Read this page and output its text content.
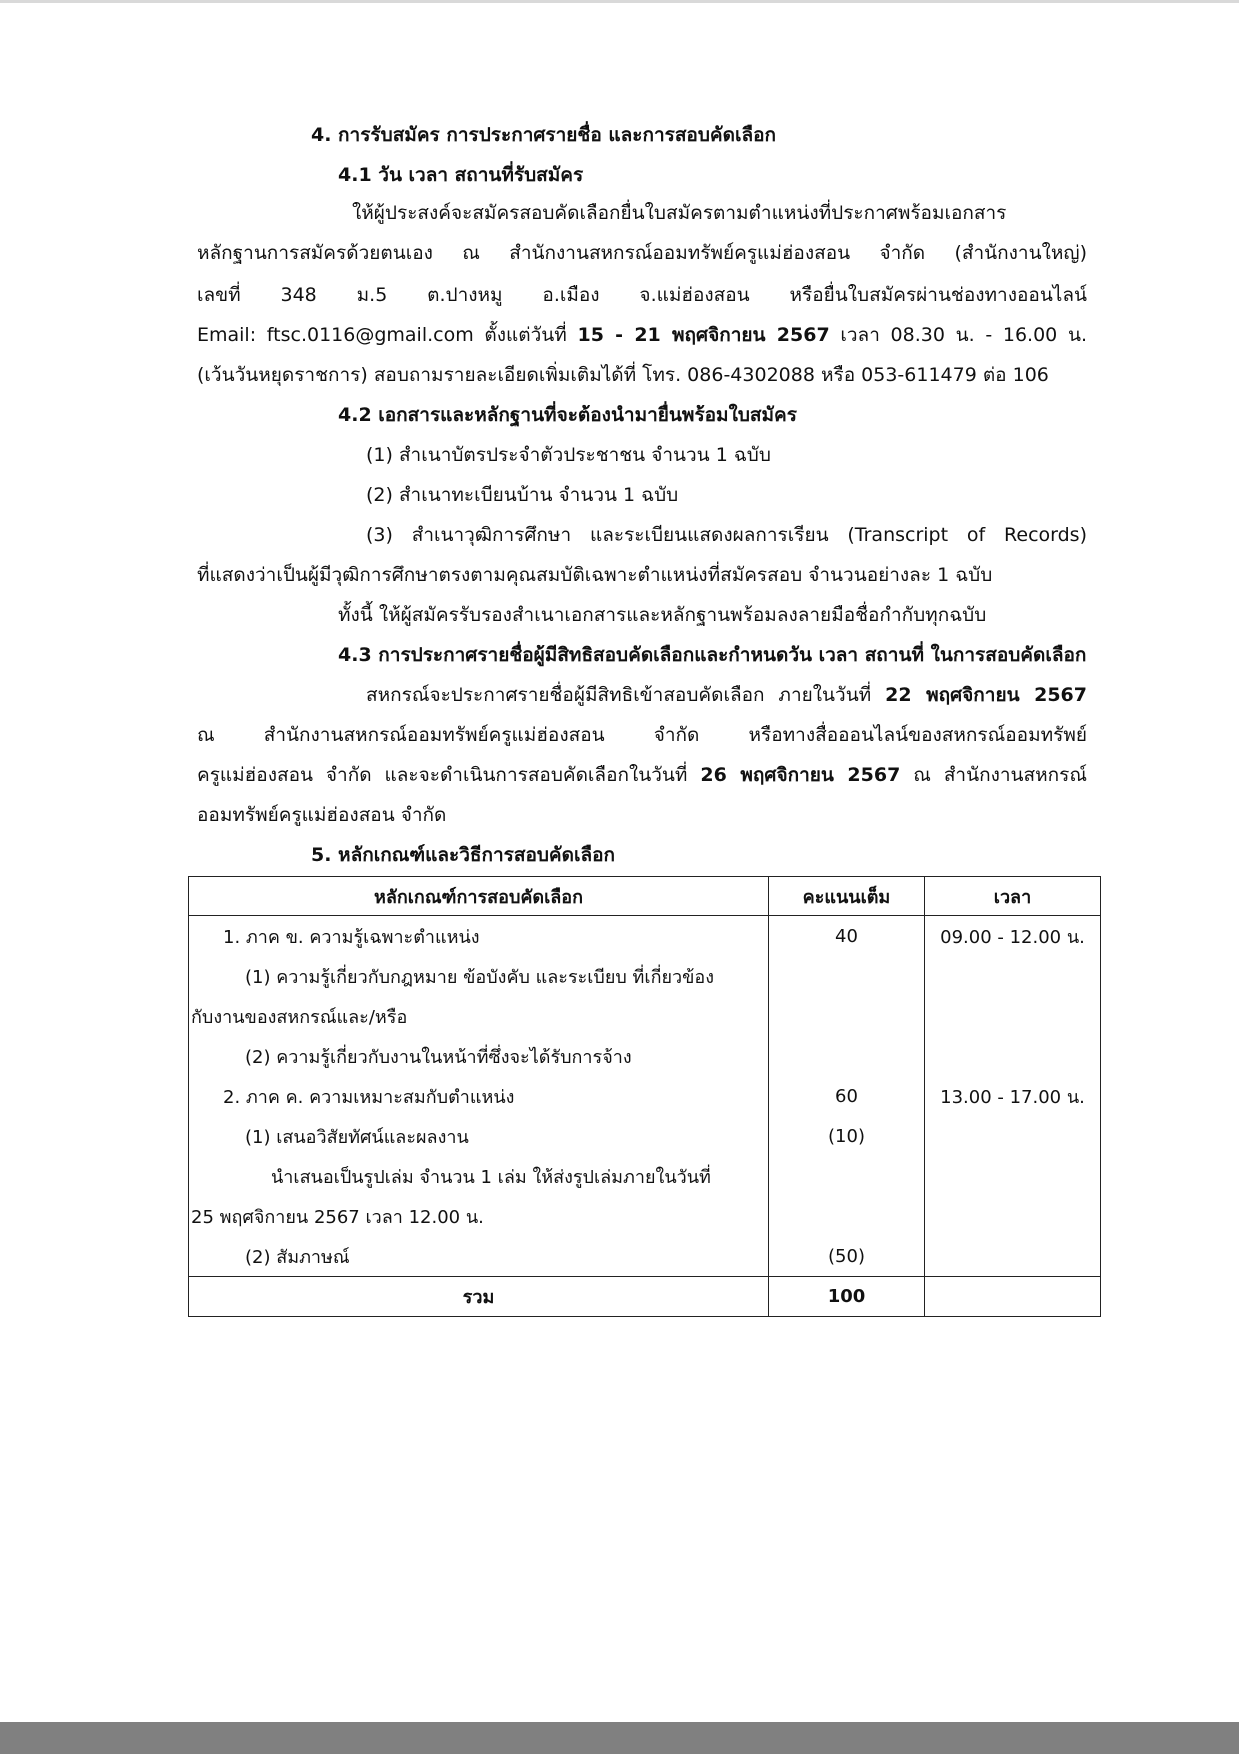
4. การรับสมัคร การประกาศรายชื่อ และการสอบคัดเลือก

4.1 วัน เวลา สถานที่รับสมัคร

ให้ผู้ประสงค์จะสมัครสอบคัดเลือกยื่นใบสมัครตามตำแหน่งที่ประกาศพร้อมเอกสาร

หลักฐานการสมัครด้วยตนเอง ณ สำนักงานสหกรณ์ออมทรัพย์ครูแม่ฮ่องสอน จำกัด (สำนักงานใหญ่)

เลขที่ 348 ม.5 ต.ปางหมู อ.เมือง จ.แม่ฮ่องสอน หรือยื่นใบสมัครผ่านช่องทางออนไลน์

Email: ftsc.0116@gmail.com ตั้งแต่วันที่ 15 - 21 พฤศจิกายน 2567 เวลา 08.30 น. - 16.00 น.

(เว้นวันหยุดราชการ) สอบถามรายละเอียดเพิ่มเติมได้ที่ โทร. 086-4302088 หรือ 053-611479 ต่อ 106

4.2 เอกสารและหลักฐานที่จะต้องนำมายื่นพร้อมใบสมัคร

(1) สำเนาบัตรประจำตัวประชาชน จำนวน 1 ฉบับ

(2) สำเนาทะเบียนบ้าน จำนวน 1 ฉบับ

(3) สำเนาวุฒิการศึกษา และระเบียนแสดงผลการเรียน (Transcript of Records)

ที่แสดงว่าเป็นผู้มีวุฒิการศึกษาตรงตามคุณสมบัติเฉพาะตำแหน่งที่สมัครสอบ จำนวนอย่างละ 1 ฉบับ

ทั้งนี้ ให้ผู้สมัครรับรองสำเนาเอกสารและหลักฐานพร้อมลงลายมือชื่อกำกับทุกฉบับ

4.3 การประกาศรายชื่อผู้มีสิทธิสอบคัดเลือกและกำหนดวัน เวลา สถานที่ ในการสอบคัดเลือก

สหกรณ์จะประกาศรายชื่อผู้มีสิทธิเข้าสอบคัดเลือก ภายในวันที่ 22 พฤศจิกายน 2567

ณ สำนักงานสหกรณ์ออมทรัพย์ครูแม่ฮ่องสอน จำกัด หรือทางสื่อออนไลน์ของสหกรณ์ออมทรัพย์

ครูแม่ฮ่องสอน จำกัด และจะดำเนินการสอบคัดเลือกในวันที่ 26 พฤศจิกายน 2567 ณ สำนักงานสหกรณ์

ออมทรัพย์ครูแม่ฮ่องสอน จำกัด

5. หลักเกณฑ์และวิธีการสอบคัดเลือก

หลักเกณฑ์การสอบคัดเลือก	คะแนนเต็ม	เวลา
1. ภาค ข. ความรู้เฉพาะตำแหน่ง	40	09.00 - 12.00 น.
(1) ความรู้เกี่ยวกับกฎหมาย ข้อบังคับ และระเบียบ ที่เกี่ยวข้อง		
กับงานของสหกรณ์และ/หรือ		
(2) ความรู้เกี่ยวกับงานในหน้าที่ซึ่งจะได้รับการจ้าง		
2. ภาค ค. ความเหมาะสมกับตำแหน่ง	60	13.00 - 17.00 น.
(1) เสนอวิสัยทัศน์และผลงาน	(10)	
นำเสนอเป็นรูปเล่ม จำนวน 1 เล่ม ให้ส่งรูปเล่มภายในวันที่		
25 พฤศจิกายน 2567 เวลา 12.00 น.		
(2) สัมภาษณ์	(50)	
รวม	100	
